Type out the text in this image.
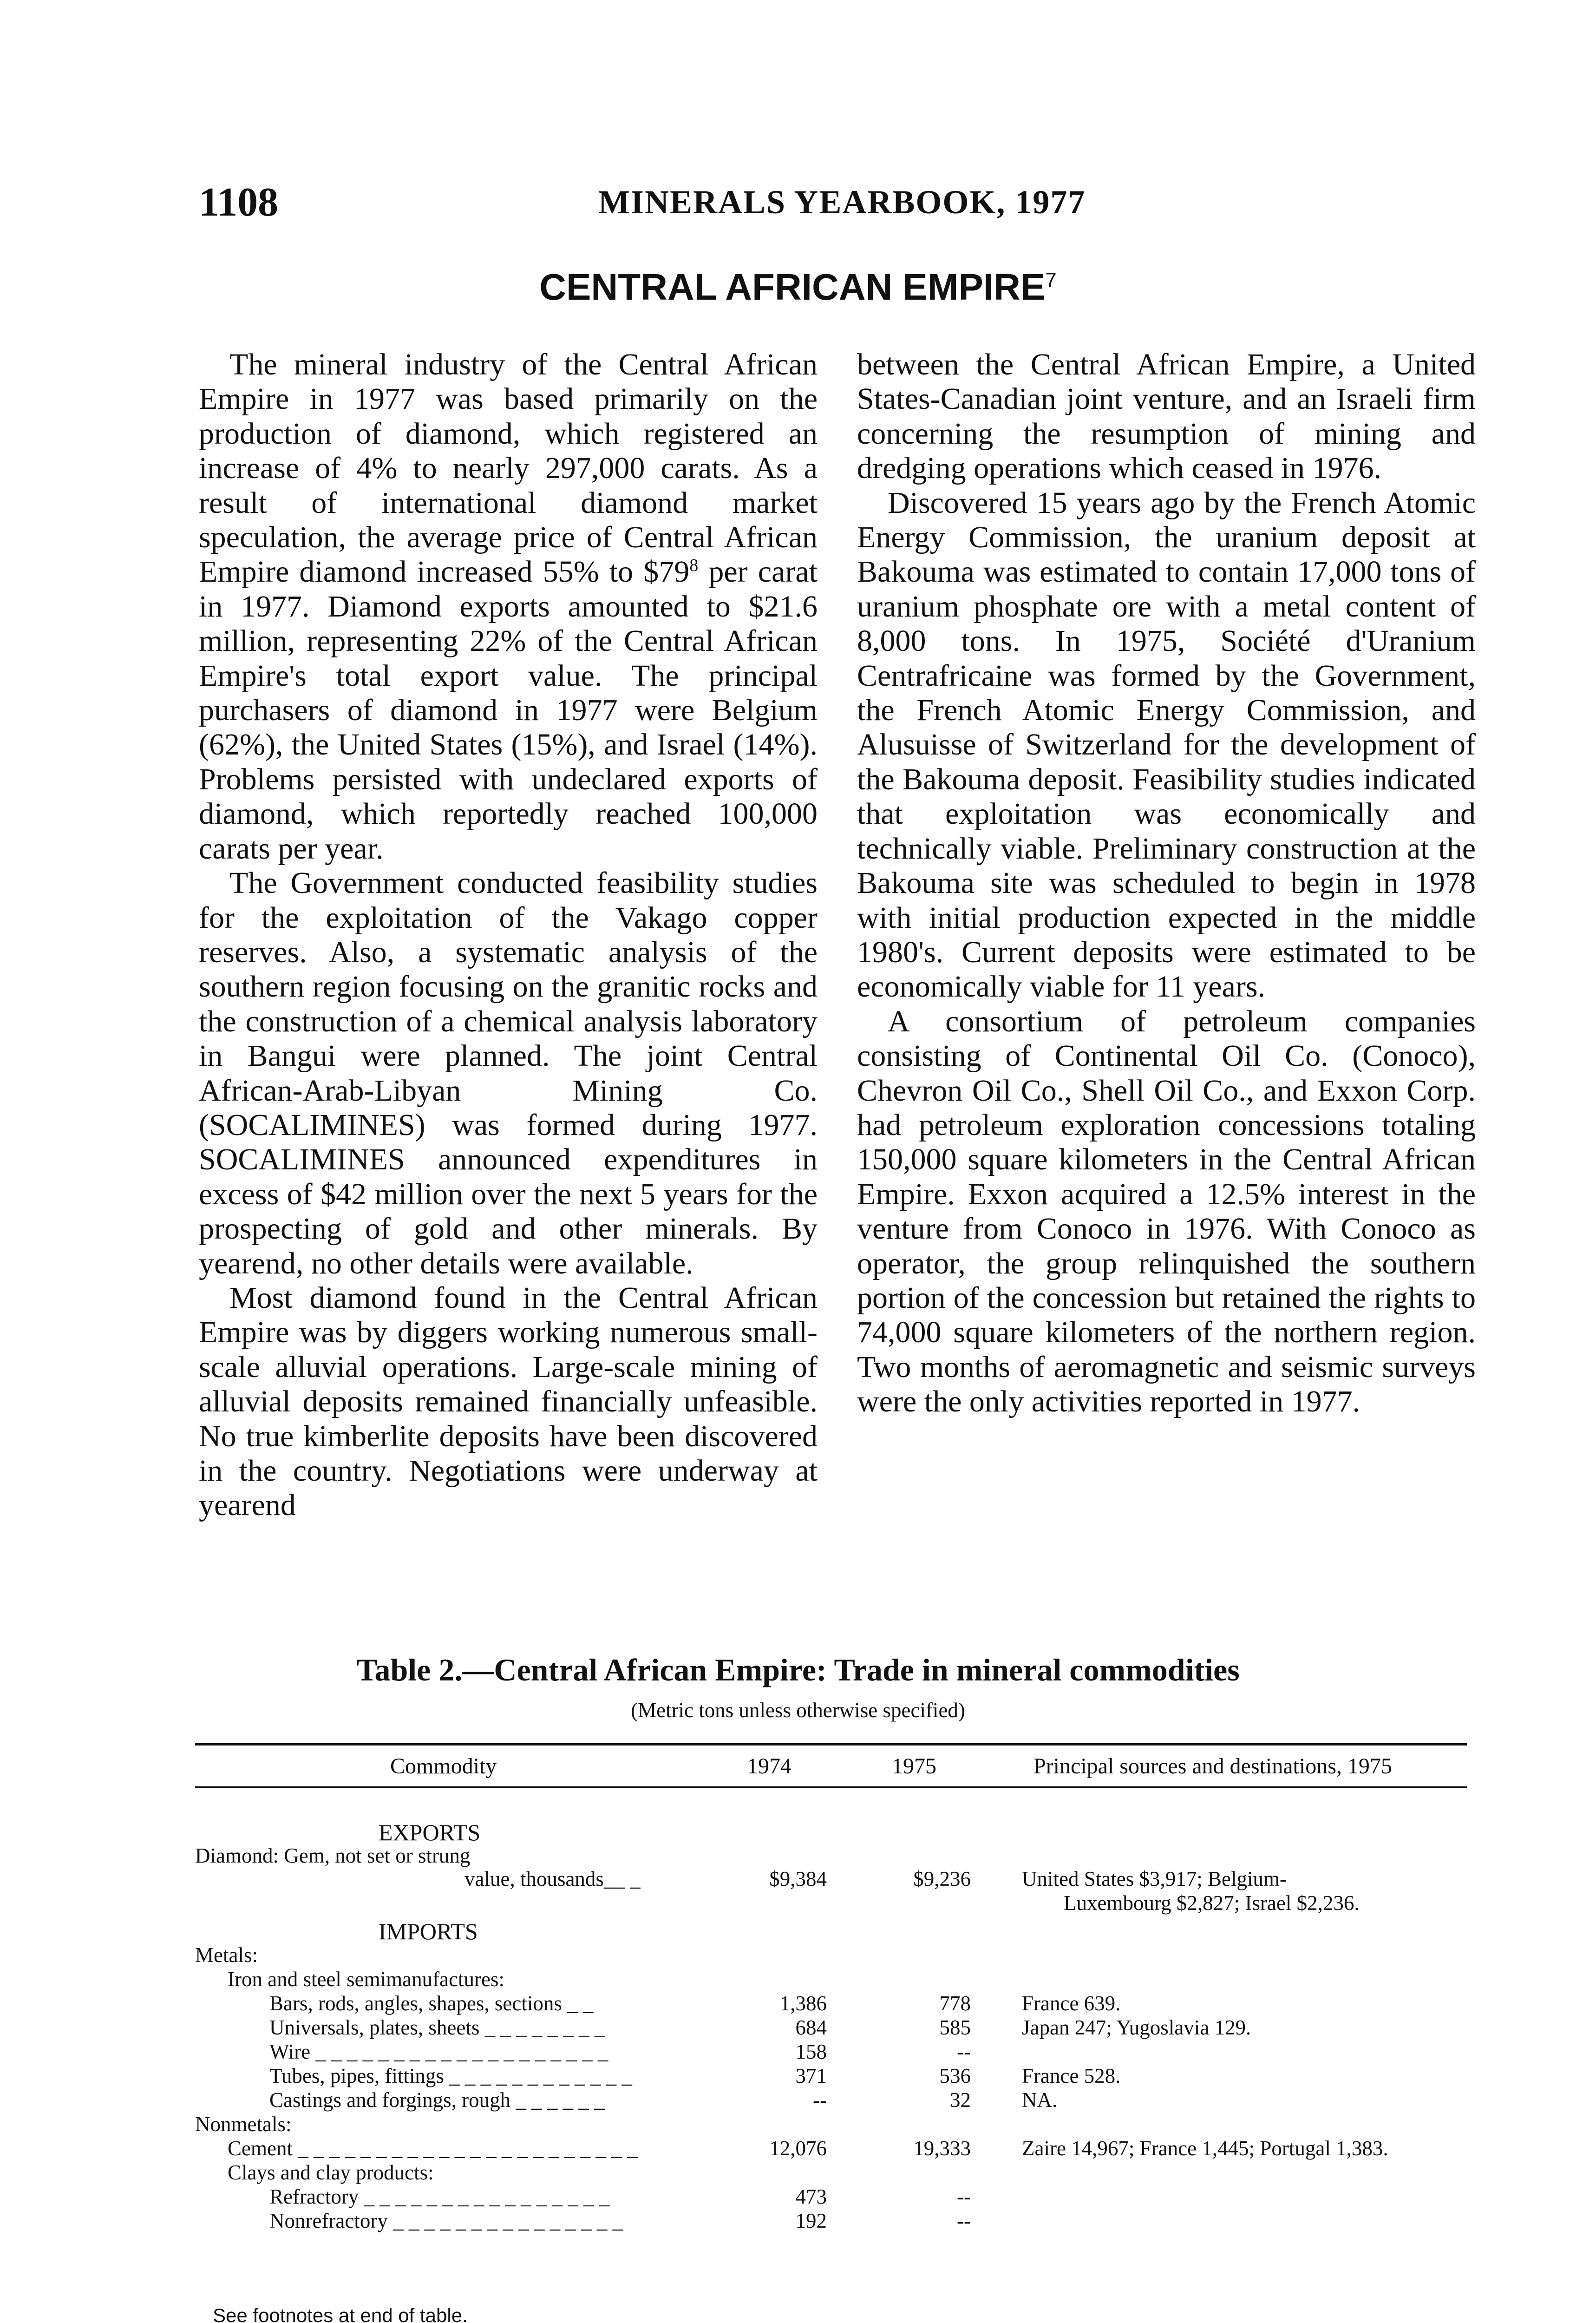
1108	MINERALS YEARBOOK, 1977
CENTRAL AFRICAN EMPIRE$^7$

The mineral industry of the Central African Empire in 1977 was based primarily on the production of diamond, which registered an increase of 4% to nearly 297,000 carats. As a result of international diamond market speculation, the average price of Central African Empire diamond increased 55% to $\$79^8$ per carat in 1977. Diamond exports amounted to $21.6 million, representing 22% of the Central African Empire's total export value. The principal purchasers of diamond in 1977 were Belgium (62%), the United States (15%), and Israel (14%). Problems persisted with undeclared exports of diamond, which reportedly reached 100,000 carats per year.

The Government conducted feasibility studies for the exploitation of the Vakago copper reserves. Also, a systematic analysis of the southern region focusing on the granitic rocks and the construction of a chemical analysis laboratory in Bangui were planned. The joint Central African-Arab-Libyan Mining Co. (SOCALIMINES) was formed during 1977. SOCALIMINES announced expenditures in excess of $42 million over the next 5 years for the prospecting of gold and other minerals. By yearend, no other details were available.

Most diamond found in the Central African Empire was by diggers working numerous small-scale alluvial operations. Large-scale mining of alluvial deposits remained financially unfeasible. No true kimberlite deposits have been discovered in the country. Negotiations were underway at yearend

between the Central African Empire, a United States-Canadian joint venture, and an Israeli firm concerning the resumption of mining and dredging operations which ceased in 1976.

Discovered 15 years ago by the French Atomic Energy Commission, the uranium deposit at Bakouma was estimated to contain 17,000 tons of uranium phosphate ore with a metal content of 8,000 tons. In 1975, Société d'Uranium Centrafricaine was formed by the Government, the French Atomic Energy Commission, and Alusuisse of Switzerland for the development of the Bakouma deposit. Feasibility studies indicated that exploitation was economically and technically viable. Preliminary construction at the Bakouma site was scheduled to begin in 1978 with initial production expected in the middle 1980's. Current deposits were estimated to be economically viable for 11 years.

A consortium of petroleum companies consisting of Continental Oil Co. (Conoco), Chevron Oil Co., Shell Oil Co., and Exxon Corp. had petroleum exploration concessions totaling 150,000 square kilometers in the Central African Empire. Exxon acquired a 12.5% interest in the venture from Conoco in 1976. With Conoco as operator, the group relinquished the southern portion of the concession but retained the rights to 74,000 square kilometers of the northern region. Two months of aeromagnetic and seismic surveys were the only activities reported in 1977.

Table 2.—Central African Empire: Trade in mineral commodities
(Metric tons unless otherwise specified)
Commodity	1974	1975	Principal sources and destinations, 1975
EXPORTS
Diamond: Gem, not set or strung
value, thousands__ _	$9,384	$9,236 United States $3,917; Belgium-
Luxembourg $2,827; Israel $2,236.
IMPORTS
Metals:
Iron and steel semimanufactures:
Bars, rods, angles, shapes, sections _ _	1,386	778 France 639.
Universals, plates, sheets _ _ _ _ _ _ _ _	684	585 Japan 247; Yugoslavia 129.
Wire _ _ _ _ _ _ _ _ _ _ _ _ _ _ _ _ _ _ _	158	--
Tubes, pipes, fittings _ _ _ _ _ _ _ _ _ _ _ _	371	536 France 528.
Castings and forgings, rough _ _ _ _ _ _	--	32 NA.
Nonmetals:
Cement _ _ _ _ _ _ _ _ _ _ _ _ _ _ _ _ _ _ _ _ _ _	12,076	19,333 Zaire 14,967; France 1,445; Portugal 1,383.
Clays and clay products:
Refractory _ _ _ _ _ _ _ _ _ _ _ _ _ _ _ _	473	--
Nonrefractory _ _ _ _ _ _ _ _ _ _ _ _ _ _ _	192	--
See footnotes at end of table.
